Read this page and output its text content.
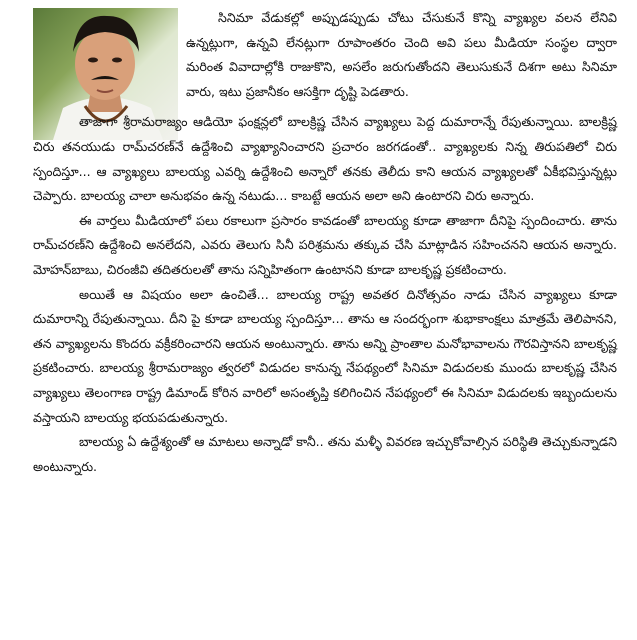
సినిమా వేడుకల్లో అప్పుడప్పుడు చోటు చేసుకునే కొన్ని వ్యాఖ్యల వలన లేనివి ఉన్నట్లుగా, ఉన్నవి లేనట్లుగా రూపాంతరం చెంది అవి పలు మీడియా సంస్థల ద్వారా మరింత వివాదాల్లోకి రాజుకొని, అసలేం జరుగుతోందని తెలుసుకునే దిశగా అటు సినిమా వారు, ఇటు ప్రజానీకం ఆసక్తిగా దృష్టి పెడతారు.

తాజాగా శ్రీరామరాజ్యం ఆడియో ఫంక్షన్లలో బాలక్రిష్ణ చేసిన వ్యాఖ్యలు పెద్ద దుమారాన్నే రేపుతున్నాయి. బాలక్రిష్ణ చిరు తనయుడు రామ్‌చరణ్‌నే ఉద్దేశించి వ్యాఖ్యానించారని ప్రచారం జరగడంతో.. వ్యాఖ్యలకు నిన్న తిరుపతిలో చిరు స్పందిస్తూ... ఆ వ్యాఖ్యలు బాలయ్య ఎవర్ని ఉద్దేశించి అన్నారో తనకు తెలీదు కాని ఆయన వ్యాఖ్యలతో ఏకీభవిస్తున్నట్లు చెప్పారు. బాలయ్య చాలా అనుభవం ఉన్న నటుడు... కాబట్టే ఆయన అలా అని ఉంటారని చిరు అన్నారు.

ఈ వార్తలు మీడియాలో పలు రకాలుగా ప్రసారం కావడంతో బాలయ్య కూడా తాజాగా దీనిపై స్పందించారు. తాను రామ్‌చరణ్‌ని ఉద్దేశించి అనలేదని, ఎవరు తెలుగు సినీ పరిశ్రమను తక్కువ చేసి మాట్లాడిన సహించనని ఆయన అన్నారు. మోహన్‌బాబు, చిరంజీవి తదితరులతో తాను సన్నిహితంగా ఉంటానని కూడా బాలకృష్ణ ప్రకటించారు.

అయితే ఆ విషయం అలా ఉంచితే... బాలయ్య రాష్ట్ర అవతర దినోత్సవం నాడు చేసిన వ్యాఖ్యలు కూడా దుమారాన్ని రేపుతున్నాయి. దీని పై కూడా బాలయ్య స్పందిస్తూ... తాను ఆ సందర్భంగా శుభాకాంక్షలు మాత్రమే తెలిపానని, తన వ్యాఖ్యలను కొందరు వక్రీకరించారని ఆయన అంటున్నారు. తాను అన్ని ప్రాంతాల మనోభావాలను గౌరవిస్తానని బాలకృష్ణ ప్రకటించారు. బాలయ్య శ్రీరామరాజ్యం త్వరలో విడుదల కానున్న నేపథ్యంలో సినిమా విడుదలకు ముందు బాలకృష్ణ చేసిన వ్యాఖ్యలు తెలంగాణ రాష్ట్ర డిమాండ్ కోరిన వారిలో అసంతృప్తి కలిగించిన నేపథ్యంలో ఈ సినిమా విడుదలకు ఇబ్బందులను వస్తాయని బాలయ్య భయపడుతున్నారు.

బాలయ్య ఏ ఉద్దేశ్యంతో ఆ మాటలు అన్నాడో కానీ.. తను మళ్ళీ వివరణ ఇచ్చుకోవాల్సిన పరిస్థితి తెచ్చుకున్నాడని అంటున్నారు.
